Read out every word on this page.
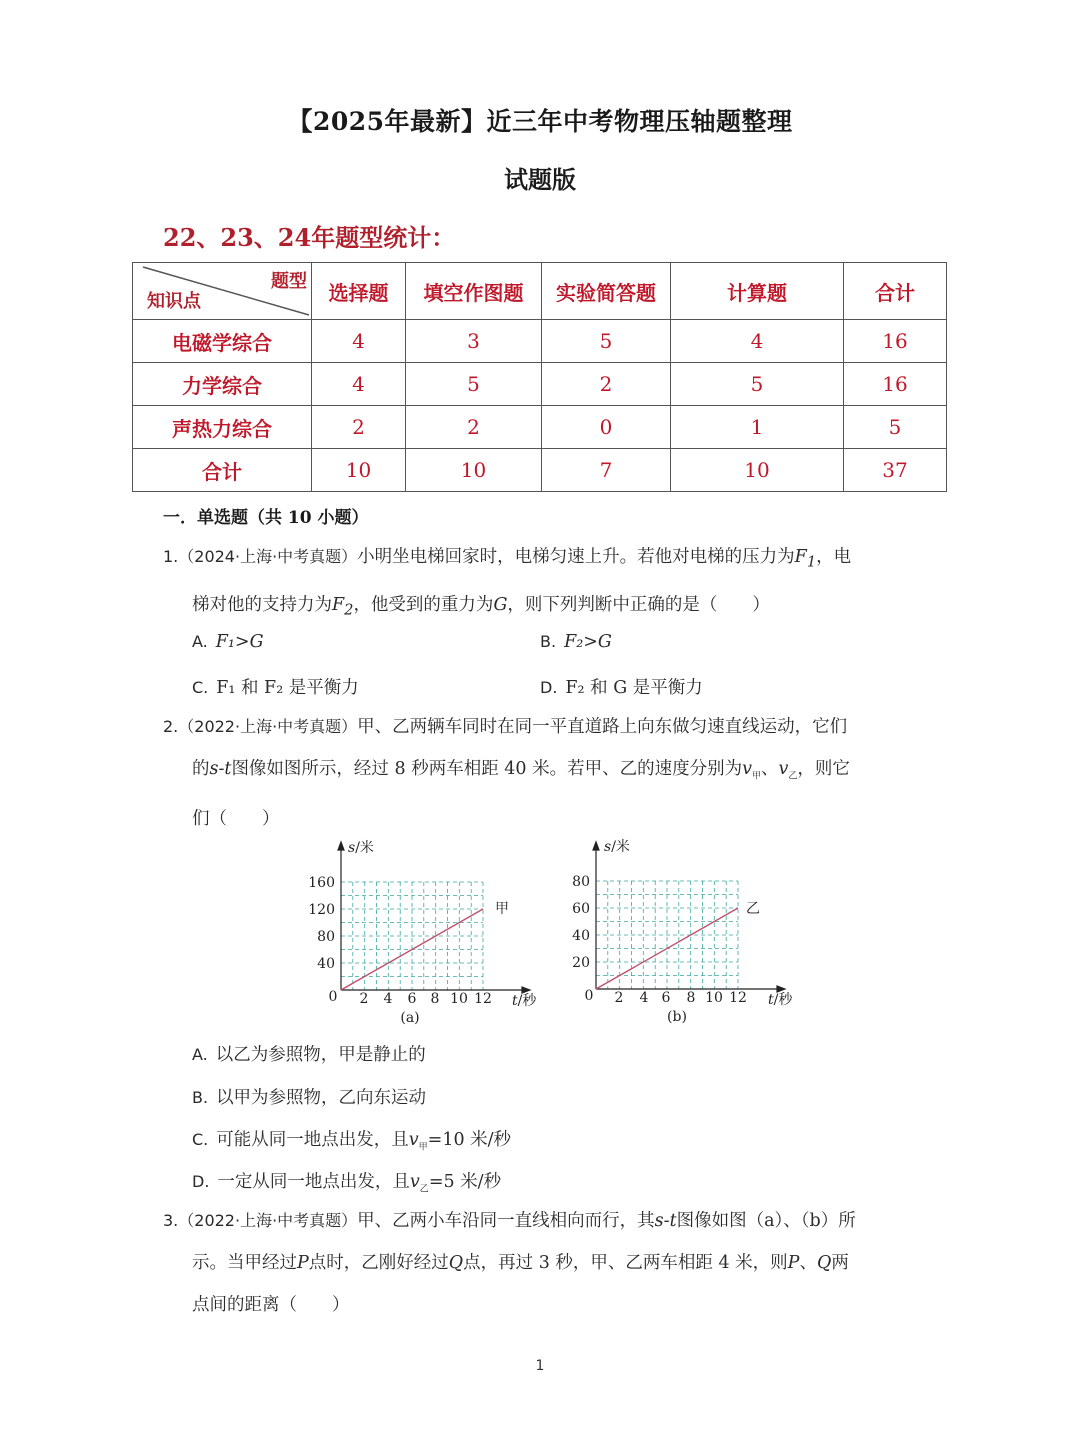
【2025年最新】近三年中考物理压轴题整理
试题版
22、23、24年题型统计：
题型
知识点	选择题	填空作图题	实验简答题	计算题	合计
电磁学综合	4	3	5	4	16
力学综合	4	5	2	5	16
声热力综合	2	2	0	1	5
合计	10	10	7	10	37
一．单选题（共 10 小题）
1.（2024·上海·中考真题）小明坐电梯回家时，电梯匀速上升。若他对电梯的压力为$F_1$，电
梯对他的支持力为$F_2$，他受到的重力为G，则下列判断中正确的是（　　）
A. F₁>G	B. F₂>G
C. F₁ 和 F₂ 是平衡力	D. F₂ 和 G 是平衡力
2.（2022·上海·中考真题）甲、乙两辆车同时在同一平直道路上向东做匀速直线运动，它们
的s-t图像如图所示，经过 8 秒两车相距 40 米。若甲、乙的速度分别为$v_甲$、$v_乙$，则它
们（　　）
s/米
160
120
80
40
0 2 4 6 8 10 12 t/秒
甲
(a)
s/米
80
60
40
20
0 2 4 6 8 10 12 t/秒
乙
(b)
A. 以乙为参照物，甲是静止的
B. 以甲为参照物，乙向东运动
C. 可能从同一地点出发，且$v_甲=10$ 米/秒
D. 一定从同一地点出发，且$v_乙=5$ 米/秒
3.（2022·上海·中考真题）甲、乙两小车沿同一直线相向而行，其s-t图像如图（a）、（b）所
示。当甲经过P点时，乙刚好经过Q点，再过 3 秒，甲、乙两车相距 4 米，则P、Q两
点间的距离（　　）
1
